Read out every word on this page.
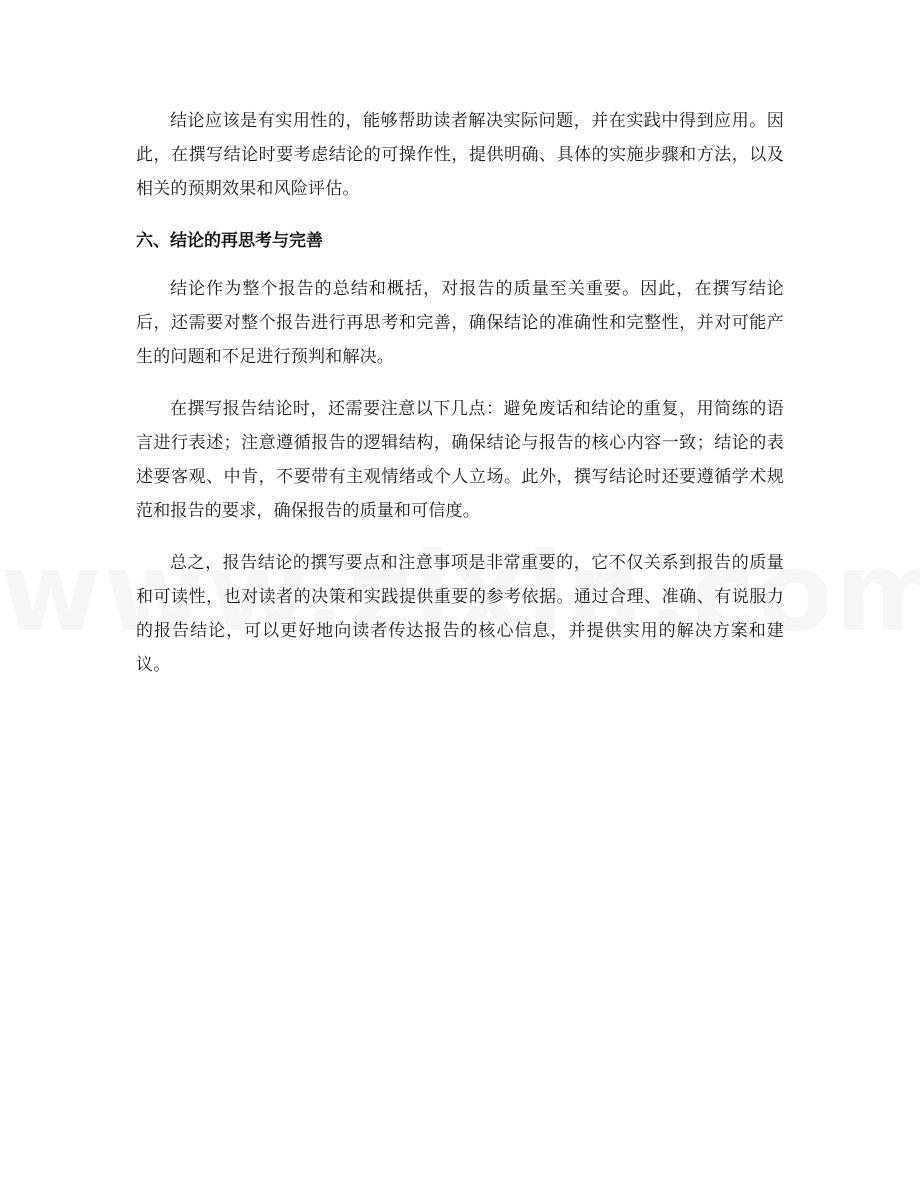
结论应该是有实用性的，能够帮助读者解决实际问题，并在实践中得到应用。因此，在撰写结论时要考虑结论的可操作性，提供明确、具体的实施步骤和方法，以及相关的预期效果和风险评估。

六、结论的再思考与完善

结论作为整个报告的总结和概括，对报告的质量至关重要。因此，在撰写结论后，还需要对整个报告进行再思考和完善，确保结论的准确性和完整性，并对可能产生的问题和不足进行预判和解决。

在撰写报告结论时，还需要注意以下几点：避免废话和结论的重复，用简练的语言进行表述；注意遵循报告的逻辑结构，确保结论与报告的核心内容一致；结论的表述要客观、中肯，不要带有主观情绪或个人立场。此外，撰写结论时还要遵循学术规范和报告的要求，确保报告的质量和可信度。

总之，报告结论的撰写要点和注意事项是非常重要的，它不仅关系到报告的质量和可读性，也对读者的决策和实践提供重要的参考依据。通过合理、准确、有说服力的报告结论，可以更好地向读者传达报告的核心信息，并提供实用的解决方案和建议。
